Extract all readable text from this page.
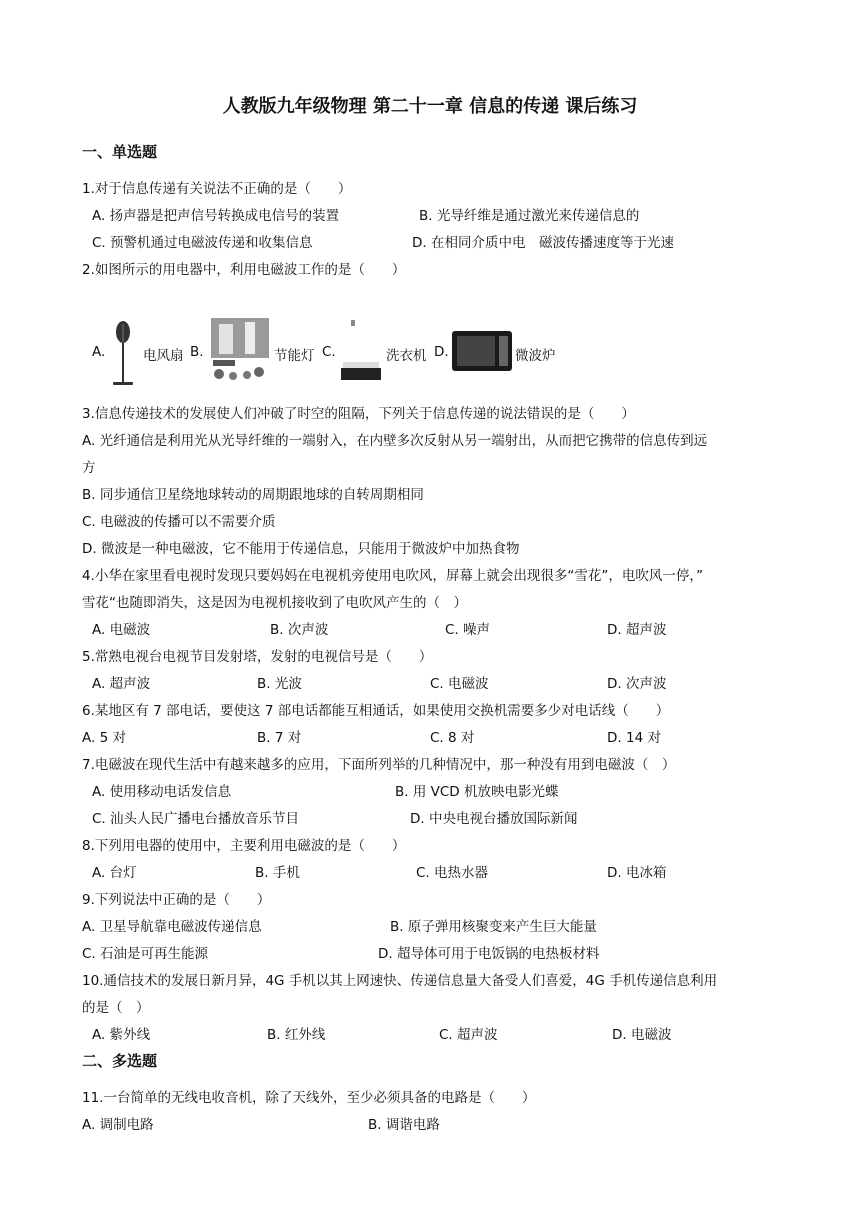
人教版九年级物理 第二十一章 信息的传递 课后练习
一、单选题
1.对于信息传递有关说法不正确的是（　　）
A. 扬声器是把声信号转换成电信号的装置	B. 光导纤维是通过激光来传递信息的
C. 预警机通过电磁波传递和收集信息	D. 在相同介质中电　磁波传播速度等于光速
2.如图所示的用电器中，利用电磁波工作的是（　　）
A.	电风扇 B.	节能灯 C.	洗衣机 D.	微波炉
3.信息传递技术的发展使人们冲破了时空的阻隔，下列关于信息传递的说法错误的是（　　）
A. 光纤通信是利用光从光导纤维的一端射入，在内壁多次反射从另一端射出，从而把它携带的信息传到远
方
B. 同步通信卫星绕地球转动的周期跟地球的自转周期相同
C. 电磁波的传播可以不需要介质
D. 微波是一种电磁波，它不能用于传递信息，只能用于微波炉中加热食物
4.小华在家里看电视时发现只要妈妈在电视机旁使用电吹风，屏幕上就会出现很多“雪花”，电吹风一停，”
雪花“也随即消失，这是因为电视机接收到了电吹风产生的（　）
A. 电磁波	B. 次声波	C. 噪声	D. 超声波
5.常熟电视台电视节目发射塔，发射的电视信号是（　　）
A. 超声波	B. 光波	C. 电磁波	D. 次声波
6.某地区有 7 部电话，要使这 7 部电话都能互相通话，如果使用交换机需要多少对电话线（　　）
A. 5 对	B. 7 对	C. 8 对	D. 14 对
7.电磁波在现代生活中有越来越多的应用，下面所列举的几种情况中，那一种没有用到电磁波（　）
A. 使用移动电话发信息	B. 用 VCD 机放映电影光蝶
C. 汕头人民广播电台播放音乐节目	D. 中央电视台播放国际新闻
8.下列用电器的使用中，主要利用电磁波的是（　　）
A. 台灯	B. 手机	C. 电热水器	D. 电冰箱
9.下列说法中正确的是（　　）
A. 卫星导航靠电磁波传递信息	B. 原子弹用核聚变来产生巨大能量
C. 石油是可再生能源	D. 超导体可用于电饭锅的电热板材料
10.通信技术的发展日新月异，4G 手机以其上网速快、传递信息量大备受人们喜爱，4G 手机传递信息利用
的是（　）
A. 紫外线	B. 红外线	C. 超声波	D. 电磁波
二、多选题
11.一台简单的无线电收音机，除了天线外，至少必须具备的电路是（　　）
A. 调制电路	B. 调谐电路
